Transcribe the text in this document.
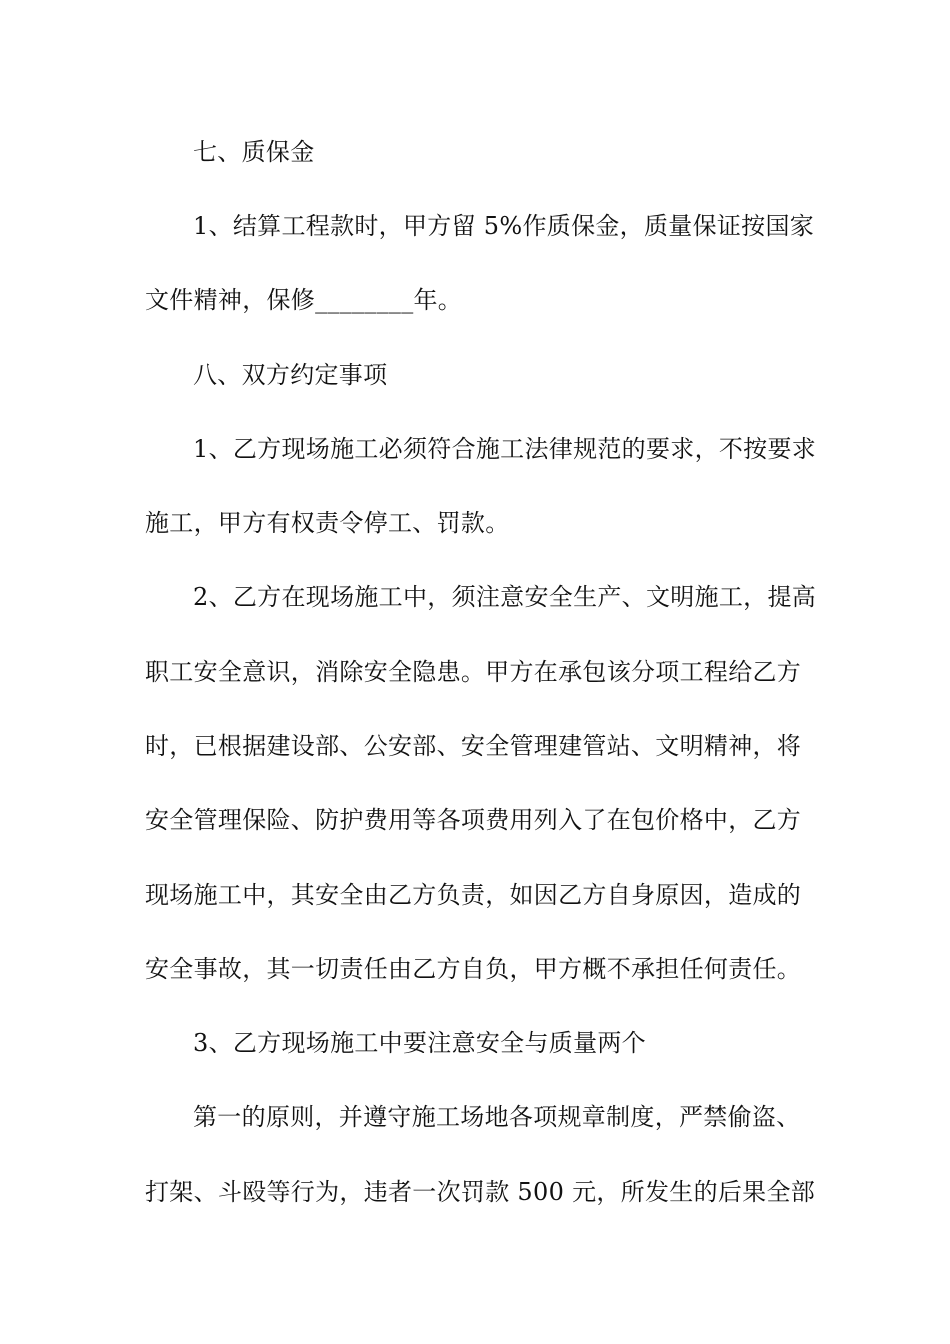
七、质保金
1、结算工程款时，甲方留 5%作质保金，质量保证按国家
文件精神，保修________年。
八、双方约定事项
1、乙方现场施工必须符合施工法律规范的要求，不按要求
施工，甲方有权责令停工、罚款。
2、乙方在现场施工中，须注意安全生产、文明施工，提高
职工安全意识，消除安全隐患。甲方在承包该分项工程给乙方
时，已根据建设部、公安部、安全管理建管站、文明精神，将
安全管理保险、防护费用等各项费用列入了在包价格中，乙方
现场施工中，其安全由乙方负责，如因乙方自身原因，造成的
安全事故，其一切责任由乙方自负，甲方概不承担任何责任。
3、乙方现场施工中要注意安全与质量两个
第一的原则，并遵守施工场地各项规章制度，严禁偷盗、
打架、斗殴等行为，违者一次罚款 500 元，所发生的后果全部
